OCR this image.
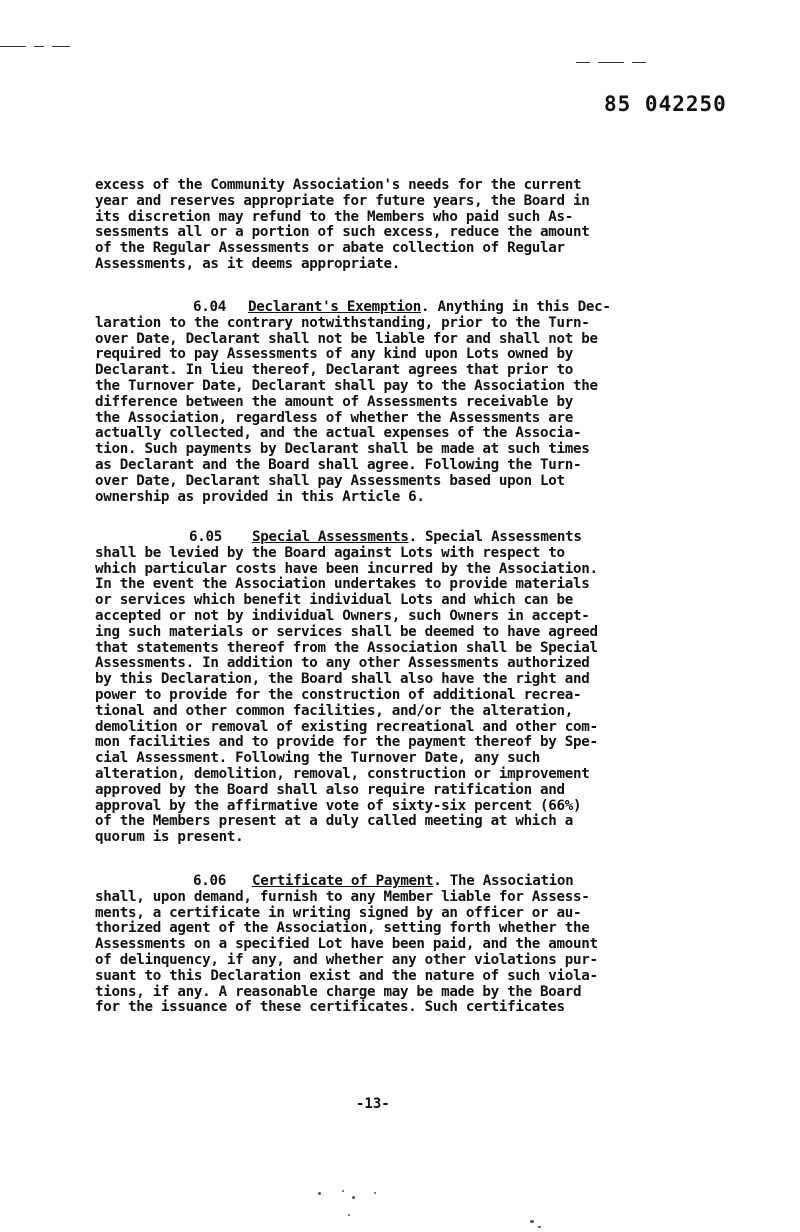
85 042250
excess of the Community Association's needs for the current
year and reserves appropriate for future years, the Board in
its discretion may refund to the Members who paid such As-
sessments all or a portion of such excess, reduce the amount
of the Regular Assessments or abate collection of Regular
Assessments, as it deems appropriate.
6.04 Declarant's Exemption. Anything in this Dec-
laration to the contrary notwithstanding, prior to the Turn-
over Date, Declarant shall not be liable for and shall not be
required to pay Assessments of any kind upon Lots owned by
Declarant. In lieu thereof, Declarant agrees that prior to
the Turnover Date, Declarant shall pay to the Association the
difference between the amount of Assessments receivable by
the Association, regardless of whether the Assessments are
actually collected, and the actual expenses of the Associa-
tion. Such payments by Declarant shall be made at such times
as Declarant and the Board shall agree. Following the Turn-
over Date, Declarant shall pay Assessments based upon Lot
ownership as provided in this Article 6.
6.05 Special Assessments. Special Assessments
shall be levied by the Board against Lots with respect to
which particular costs have been incurred by the Association.
In the event the Association undertakes to provide materials
or services which benefit individual Lots and which can be
accepted or not by individual Owners, such Owners in accept-
ing such materials or services shall be deemed to have agreed
that statements thereof from the Association shall be Special
Assessments. In addition to any other Assessments authorized
by this Declaration, the Board shall also have the right and
power to provide for the construction of additional recrea-
tional and other common facilities, and/or the alteration,
demolition or removal of existing recreational and other com-
mon facilities and to provide for the payment thereof by Spe-
cial Assessment. Following the Turnover Date, any such
alteration, demolition, removal, construction or improvement
approved by the Board shall also require ratification and
approval by the affirmative vote of sixty-six percent (66%)
of the Members present at a duly called meeting at which a
quorum is present.
6.06 Certificate of Payment. The Association
shall, upon demand, furnish to any Member liable for Assess-
ments, a certificate in writing signed by an officer or au-
thorized agent of the Association, setting forth whether the
Assessments on a specified Lot have been paid, and the amount
of delinquency, if any, and whether any other violations pur-
suant to this Declaration exist and the nature of such viola-
tions, if any. A reasonable charge may be made by the Board
for the issuance of these certificates. Such certificates
-13-
